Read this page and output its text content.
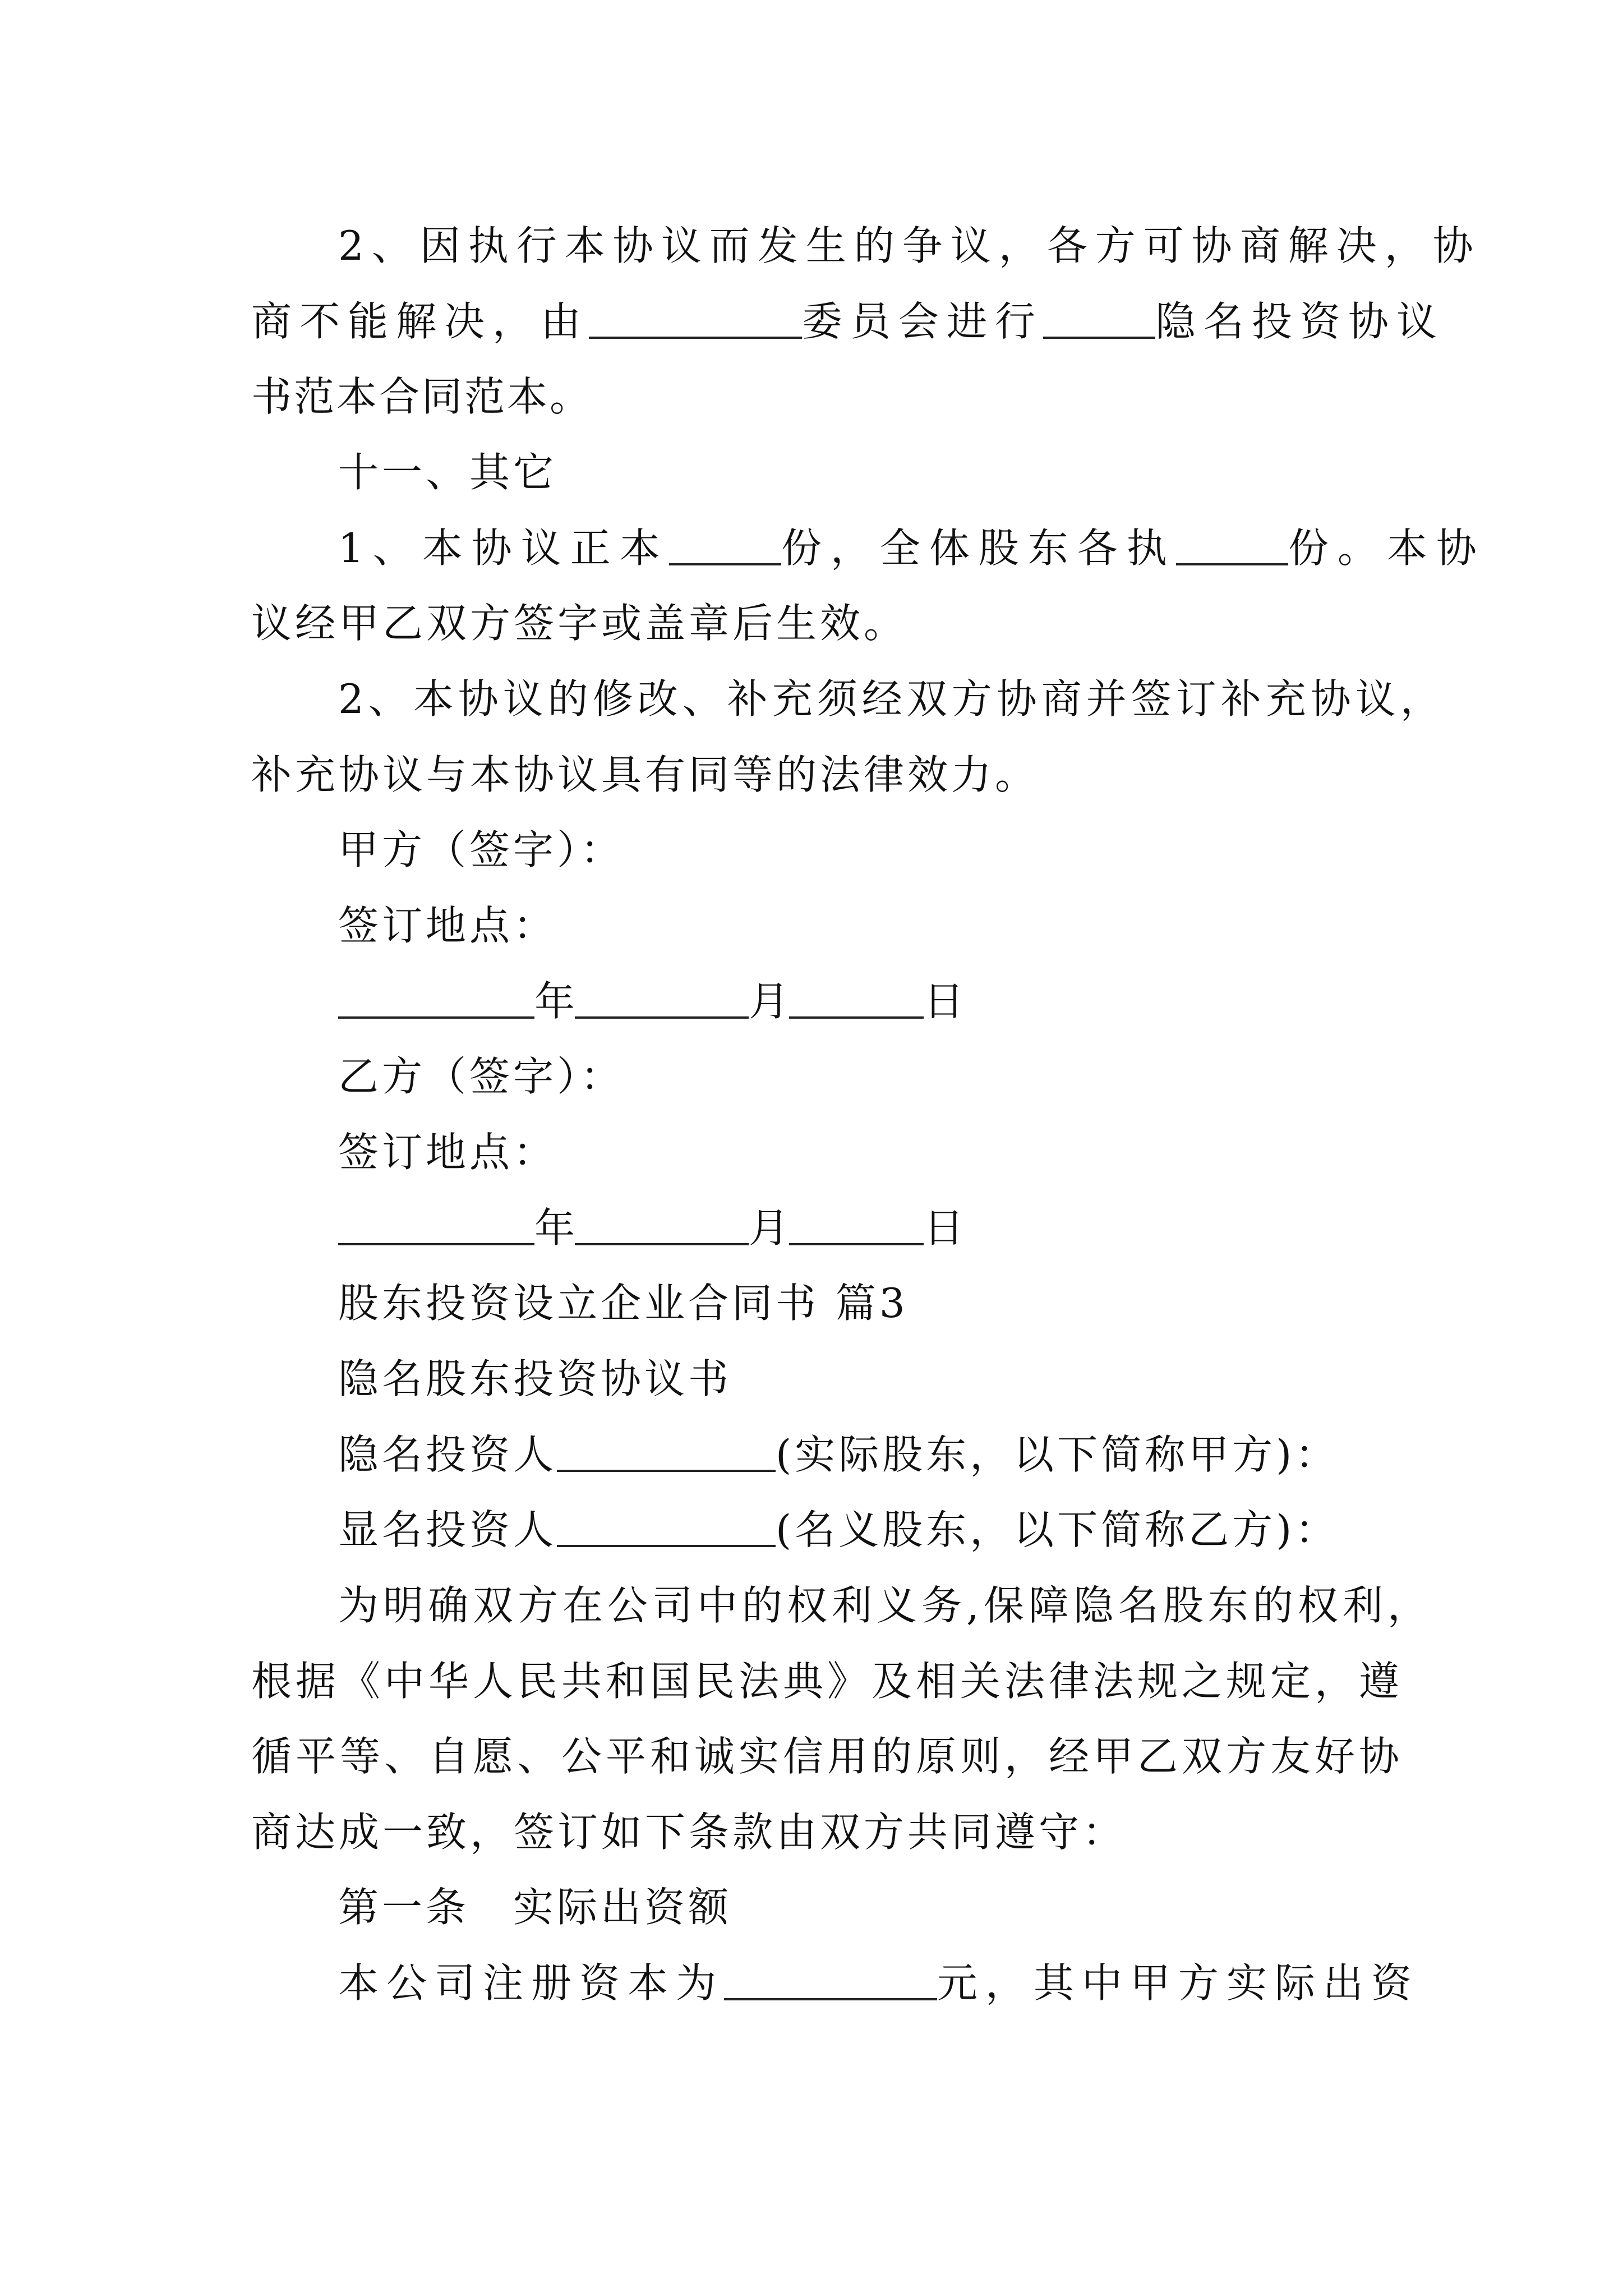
2、因执行本协议而发生的争议，各方可协商解决，协
商不能解决，由	委员会进行	隐名投资协议
书范本合同范本。
十一、其它
1、本协议正本	份，全体股东各执	份。本协
议经甲乙双方签字或盖章后生效。
2、本协议的修改、补充须经双方协商并签订补充协议，
补充协议与本协议具有同等的法律效力。
甲方（签字）：
签订地点：
年	月	日
乙方（签字）：
签订地点：
年	月	日
股东投资设立企业合同书 篇3
隐名股东投资协议书
隐名投资人	(实际股东，以下简称甲方)：
显名投资人	(名义股东，以下简称乙方)：
为明确双方在公司中的权利义务,保障隐名股东的权利，
根据《中华人民共和国民法典》及相关法律法规之规定，遵
循平等、自愿、公平和诚实信用的原则，经甲乙双方友好协
商达成一致，签订如下条款由双方共同遵守：
第一条　实际出资额
本公司注册资本为	元，其中甲方实际出资
